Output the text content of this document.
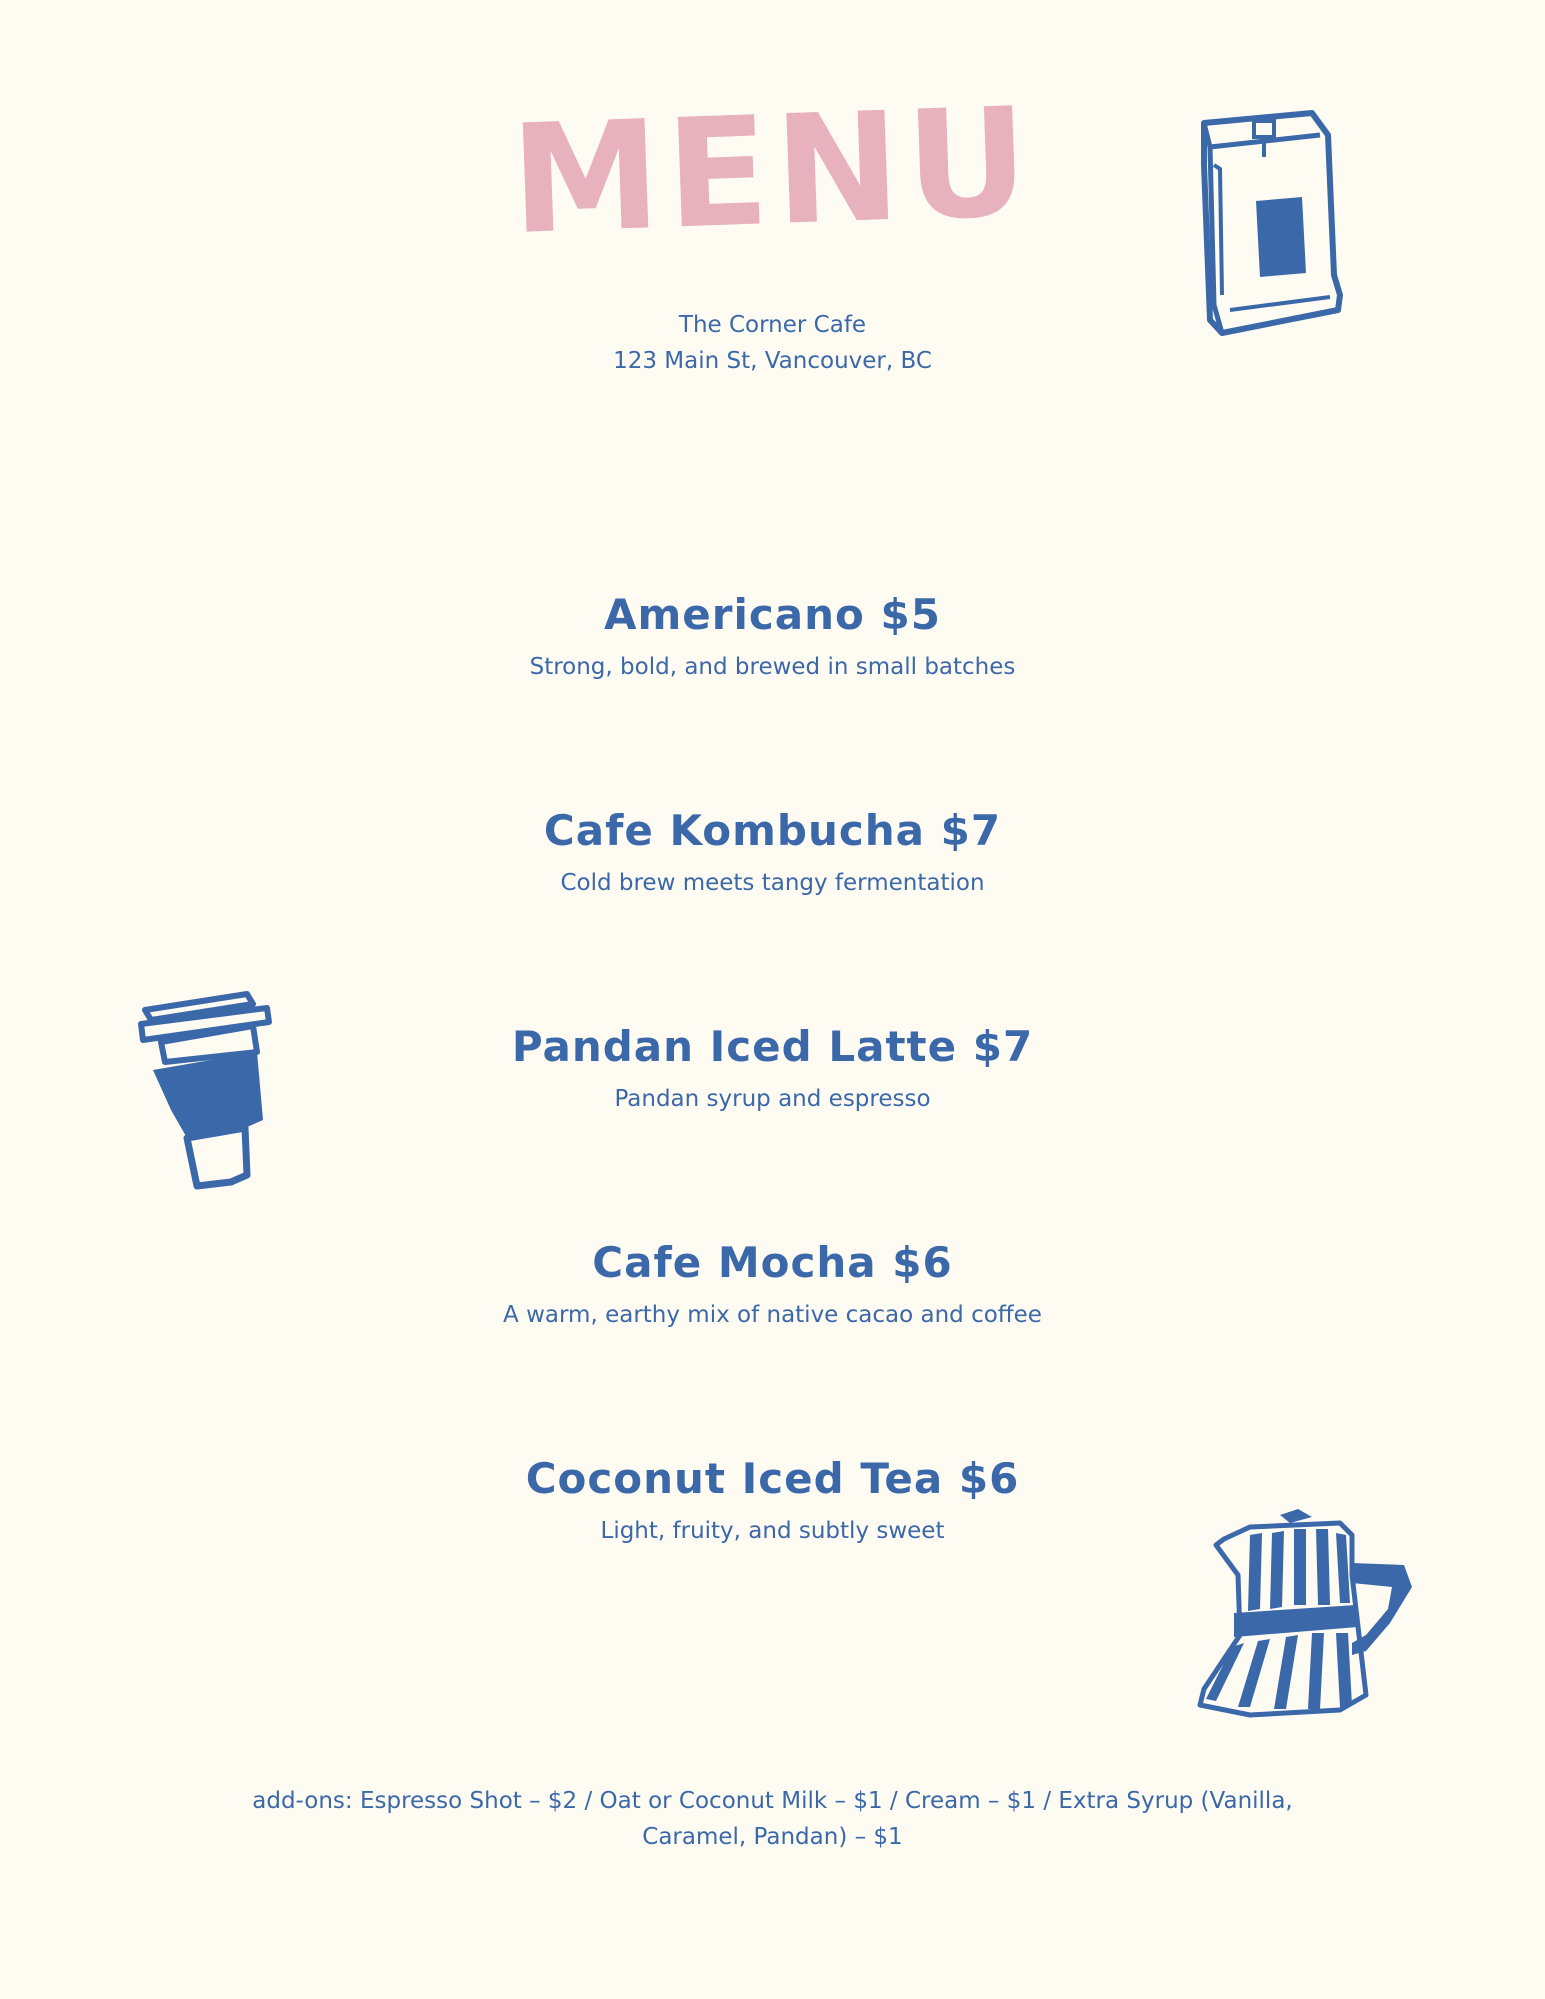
MENU
The Corner Cafe
123 Main St, Vancouver, BC
Americano $5
Strong, bold, and brewed in small batches
Cafe Kombucha $7
Cold brew meets tangy fermentation
Pandan Iced Latte $7
Pandan syrup and espresso
Cafe Mocha $6
A warm, earthy mix of native cacao and coffee
Coconut Iced Tea $6
Light, fruity, and subtly sweet
add-ons: Espresso Shot – $2 / Oat or Coconut Milk – $1 / Cream – $1 / Extra Syrup (Vanilla,
Caramel, Pandan) – $1
